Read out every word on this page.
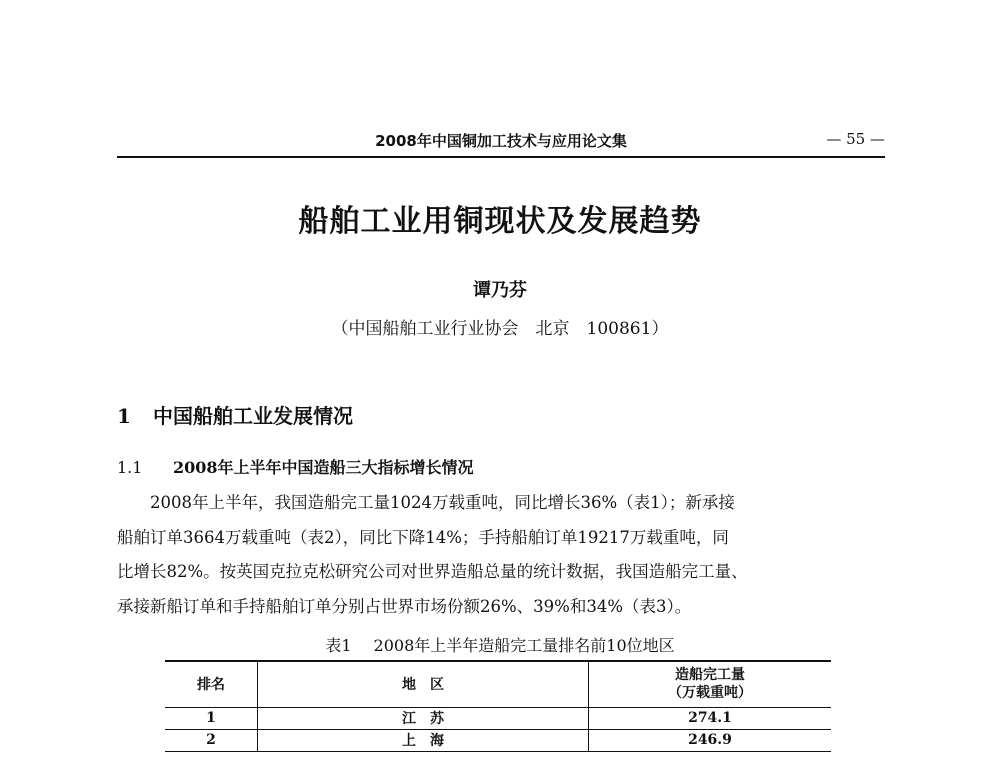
2008年中国铜加工技术与应用论文集	— 55 —
船舶工业用铜现状及发展趋势
谭乃芬
（中国船舶工业行业协会　北京　100861）
1 中国船舶工业发展情况
1.1 2008年上半年中国造船三大指标增长情况
　　2008年上半年，我国造船完工量1024万载重吨，同比增长36%（表1）；新承接
船舶订单3664万载重吨（表2），同比下降14%；手持船舶订单19217万载重吨，同
比增长82%。按英国克拉克松研究公司对世界造船总量的统计数据，我国造船完工量、
承接新船订单和手持船舶订单分别占世界市场份额26%、39%和34%（表3）。
表1 2008年上半年造船完工量排名前10位地区
排名	地　区	造船完工量
（万载重吨）

1	江　苏	274.1
2	上　海	246.9
